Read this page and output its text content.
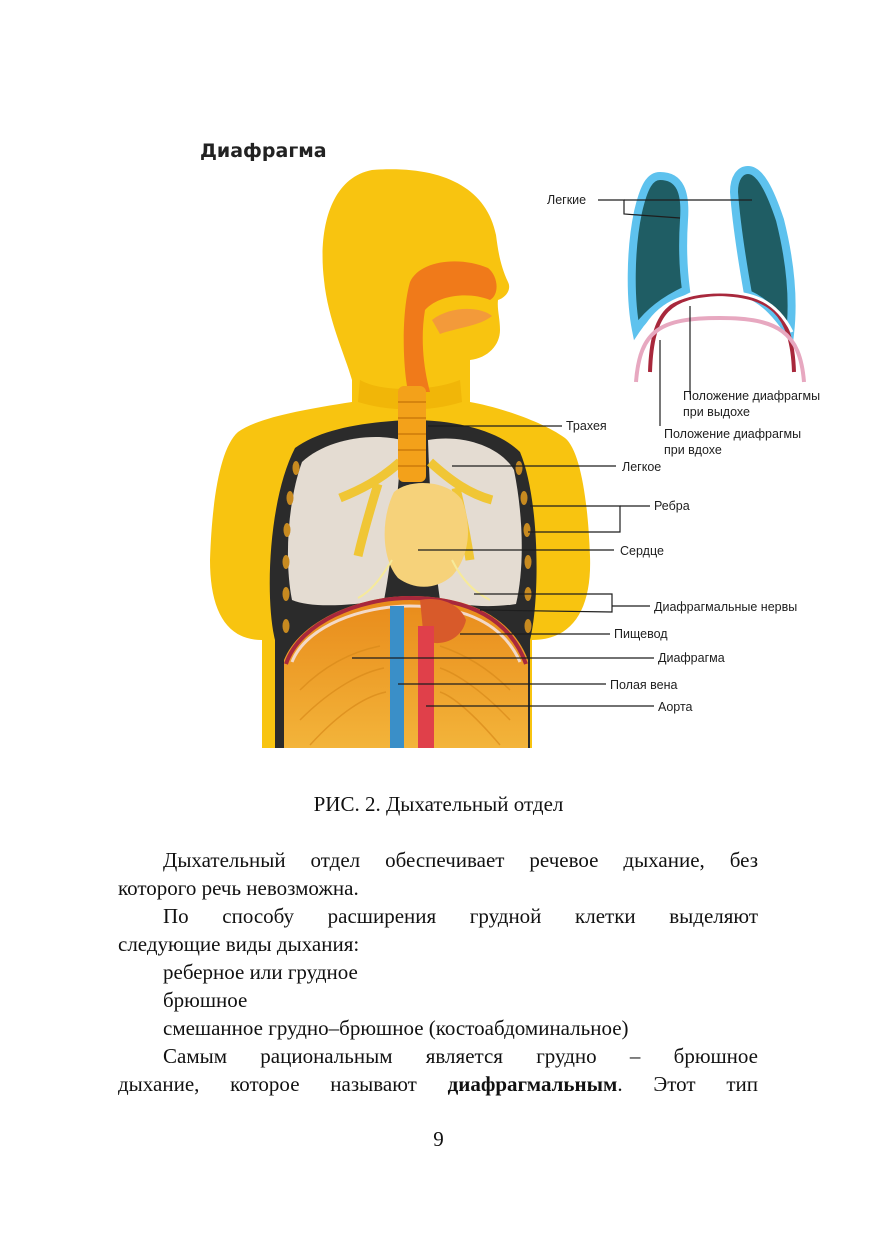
Диафрагма
Легкие
Положение диафрагмы
при выдохе
Положение диафрагмы
при вдохе
Трахея
Легкое
Ребра
Сердце
Диафрагмальные нервы
Пищевод
Диафрагма
Полая вена
Аорта
РИС. 2. Дыхательный отдел
Дыхательный отдел обеспечивает речевое дыхание, без
которого речь невозможна.
По способу расширения грудной клетки выделяют
следующие виды дыхания:
реберное или грудное
брюшное
смешанное грудно–брюшное (костоабдоминальное)
Самым рациональным является грудно – брюшное
дыхание, которое называют диафрагмальным. Этот тип
9
